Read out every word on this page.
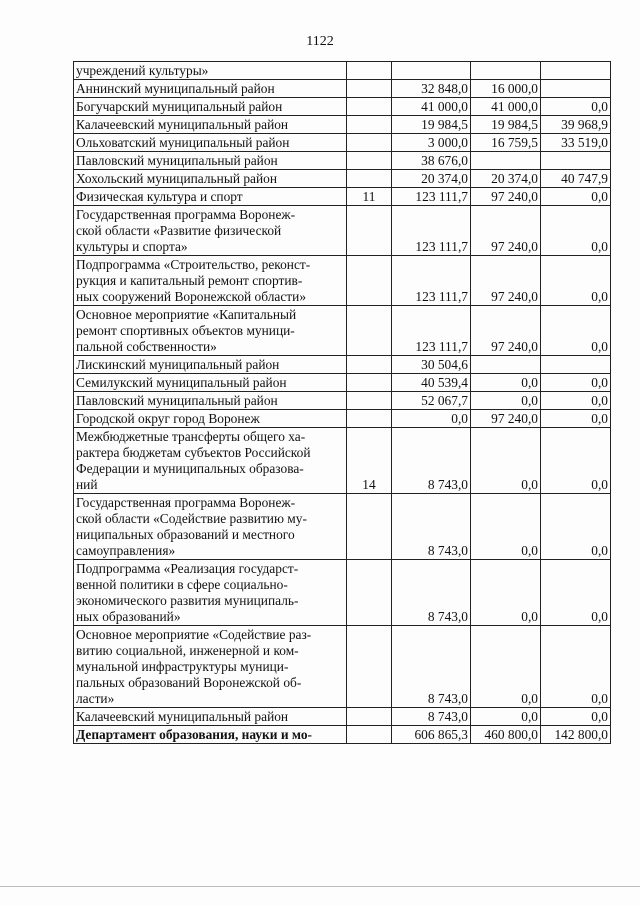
1122
учреждений культуры»				
Аннинский муниципальный район		32 848,0	16 000,0	
Богучарский муниципальный район		41 000,0	41 000,0	0,0
Калачеевский муниципальный район		19 984,5	19 984,5	39 968,9
Ольховатский муниципальный район		3 000,0	16 759,5	33 519,0
Павловский муниципальный район		38 676,0		
Хохольский муниципальный район		20 374,0	20 374,0	40 747,9
Физическая культура и спорт	11	123 111,7	97 240,0	0,0
Государственная программа Воронеж-
ской области «Развитие физической
культуры и спорта»		123 111,7	97 240,0	0,0
Подпрограмма «Строительство, реконст-
рукция и капитальный ремонт спортив-
ных сооружений Воронежской области»		123 111,7	97 240,0	0,0
Основное мероприятие «Капитальный
ремонт спортивных объектов муници-
пальной собственности»		123 111,7	97 240,0	0,0
Лискинский муниципальный район		30 504,6		
Семилукский муниципальный район		40 539,4	0,0	0,0
Павловский муниципальный район		52 067,7	0,0	0,0
Городской округ город Воронеж		0,0	97 240,0	0,0
Межбюджетные трансферты общего ха-
рактера бюджетам субъектов Российской
Федерации и муниципальных образова-
ний	14	8 743,0	0,0	0,0
Государственная программа Воронеж-
ской области «Содействие развитию му-
ниципальных образований и местного
самоуправления»		8 743,0	0,0	0,0
Подпрограмма «Реализация государст-
венной политики в сфере социально-
экономического развития муниципаль-
ных образований»		8 743,0	0,0	0,0
Основное мероприятие «Содействие раз-
витию социальной, инженерной и ком-
мунальной инфраструктуры муници-
пальных образований Воронежской об-
ласти»		8 743,0	0,0	0,0
Калачеевский муниципальный район		8 743,0	0,0	0,0
Департамент образования, науки и мо-		606 865,3	460 800,0	142 800,0
